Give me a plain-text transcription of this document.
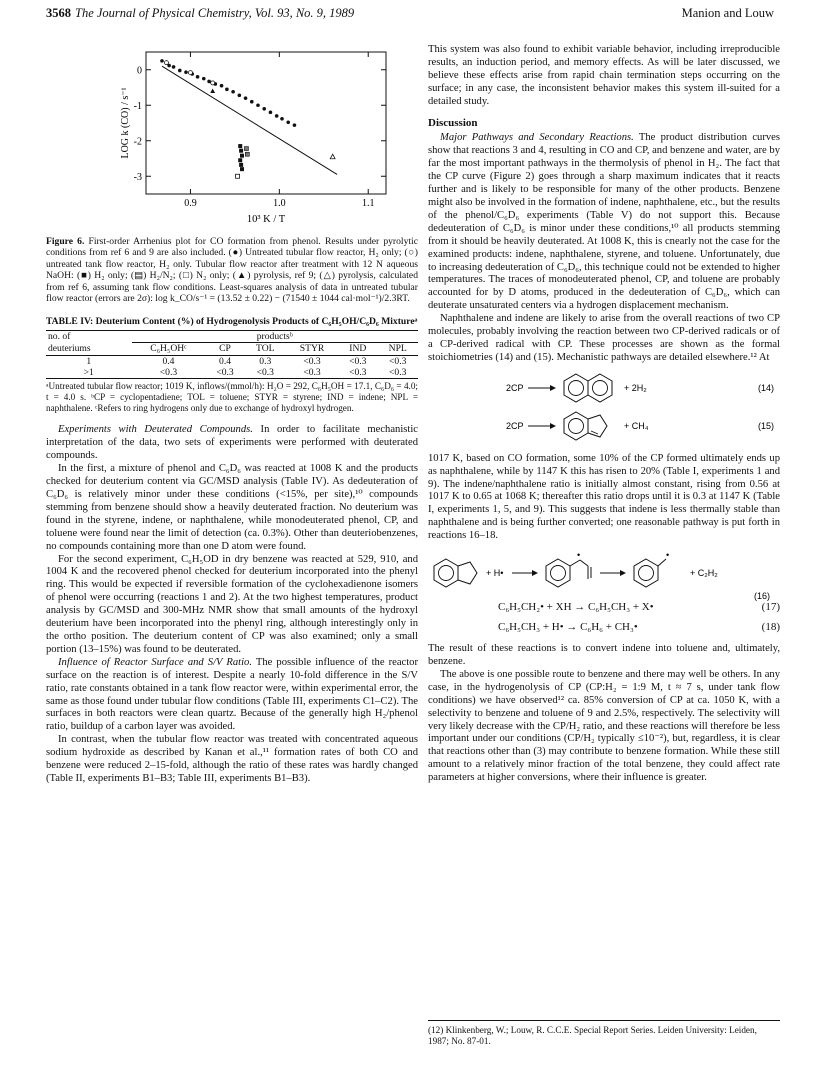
3568 The Journal of Physical Chemistry, Vol. 93, No. 9, 1989	Manion and Louw
0.9	1.0	1.1
0
-1
-2
-3
10³ K / T
LOG k (CO) / s⁻¹
Figure 6. First-order Arrhenius plot for CO formation from phenol. Results under pyrolytic conditions from ref 6 and 9 are also included. (●) Untreated tubular flow reactor, H₂ only; (○) untreated tank flow reactor, H₂ only. Tubular flow reactor after treatment with 12 N aqueous NaOH: (■) H₂ only; (▤) H₂/N₂; (□) N₂ only; (▲) pyrolysis, ref 9; (△) pyrolysis, calculated from ref 6, assuming tank flow conditions. Least-squares analysis of data in untreated tubular flow reactor (errors are 2σ): log k_CO/s⁻¹ = (13.52 ± 0.22) − (71540 ± 1044 cal·mol⁻¹)/2.3RT.
TABLE IV: Deuterium Content (%) of Hydrogenolysis Products of C₆H₅OH/C₆D₆ Mixtureᵃ
no. of	productsᵇ					
deuteriums	C₆H₅OHᶜ	CP	TOL	STYR	IND	NPL
1	0.4	0.4	0.3	<0.3	<0.3	<0.3
>1	<0.3	<0.3	<0.3	<0.3	<0.3	<0.3
ᵃUntreated tubular flow reactor; 1019 K, inflows/(mmol/h): H₂O = 292, C₆H₅OH = 17.1, C₆D₆ = 4.0; t = 4.0 s. ᵇCP = cyclopentadiene; TOL = toluene; STYR = styrene; IND = indene; NPL = naphthalene. ᶜRefers to ring hydrogens only due to exchange of hydroxyl hydrogen.

Experiments with Deuterated Compounds. In order to facilitate mechanistic interpretation of the data, two sets of experiments were performed with deuterated compounds.

In the first, a mixture of phenol and C₆D₆ was reacted at 1008 K and the products checked for deuterium content via GC/MSD analysis (Table IV). As dedeuteration of C₆D₆ is relatively minor under these conditions (<15%, per site),¹⁰ compounds stemming from benzene should show a heavily deuterated fraction. No deuterium was found in the styrene, indene, or naphthalene, while monodeuterated phenol, CP, and toluene were found near the limit of detection (ca. 0.3%). Other than deuteriobenzenes, no compounds containing more than one D atom were found.

For the second experiment, C₆H₅OD in dry benzene was reacted at 529, 910, and 1004 K and the recovered phenol checked for deuterium incorporated into the phenyl ring. This would be expected if reversible formation of the cyclohexadienone isomers of phenol were occurring (reactions 1 and 2). At the two highest temperatures, product analysis by GC/MSD and 300-MHz NMR show that small amounts of the hydroxyl deuterium have been incorporated into the phenyl ring, although interestingly only in the ortho position. The deuterium content of CP was also examined; only a small portion (13–15%) was found to be deuterated.

Influence of Reactor Surface and S/V Ratio. The possible influence of the reactor surface on the reaction is of interest. Despite a nearly 10-fold difference in the S/V ratio, rate constants obtained in a tank flow reactor were, within experimental error, the same as those found under tubular flow conditions (Table III, experiments C1–C2). The surfaces in both reactors were clean quartz. Because of the generally high H₂/phenol ratio, buildup of a carbon layer was avoided.

In contrast, when the tubular flow reactor was treated with concentrated aqueous sodium hydroxide as described by Kanan et al.,¹¹ formation rates of both CO and benzene were reduced 2–15-fold, although the ratio of these rates was hardly changed (Table II, experiments B1–B3; Table III, experiments B1–B3).

This system was also found to exhibit variable behavior, including irreproducible results, an induction period, and memory effects. As will be later discussed, we believe these effects arise from rapid chain termination steps occurring on the surface; in any case, the inconsistent behavior makes this system ill-suited for a detailed study.

Discussion

Major Pathways and Secondary Reactions. The product distribution curves show that reactions 3 and 4, resulting in CO and CP, and benzene and water, are by far the most important pathways in the thermolysis of phenol in H₂. The fact that the CP curve (Figure 2) goes through a sharp maximum indicates that it reacts further and is likely to be responsible for many of the other products. Benzene might also be involved in the formation of indene, naphthalene, etc., but the results of the phenol/C₆D₆ experiments (Table V) do not support this. Because dedeuteration of C₆D₆ is minor under these conditions,¹⁰ all products stemming from it should be heavily deuterated. At 1008 K, this is cnearly not the case for the examined products: indene, naphthalene, styrene, and toluene. Unfortunately, due to increasing dedeuteration of C₆D₆, this technique could not be extended to higher temperatures. The traces of monodeuterated phenol, CP, and toluene are probably accounted for by D atoms, produced in the dedeuteration of C₆D₆, which can deuterate unsaturated centers via a hydrogen displacement mechanism.

Naphthalene and indene are likely to arise from the overall reactions of two CP molecules, probably involving the reaction between two CP-derived radicals or of a CP-derived radical with CP. These processes are shown as the formal stoichiometries (14) and (15). Mechanistic pathways are detailed elsewhere.¹² At

2CP	+ 2H₂	(14)
2CP	+ CH₄	(15)

1017 K, based on CO formation, some 10% of the CP formed ultimately ends up as naphthalene, while by 1147 K this has risen to 20% (Table I, experiments 1 and 9). The indene/naphthalene ratio is initially almost constant, rising from 0.56 at 1017 K to 0.65 at 1068 K; thereafter this ratio drops until it is 0.3 at 1147 K (Table I, experiments 1, 5, and 9). This suggests that indene is less thermally stable than naphthalene and is being further converted; one reasonable pathway is put forth in reactions 16–18.

+ H•
•	•
+ C₂H₂
(16)
C₆H₅CH₂• + XH → C₆H₅CH₃ + X•	(17)
C₆H₅CH₃ + H• → C₆H₆ + CH₃•	(18)

The result of these reactions is to convert indene into toluene and, ultimately, benzene.

The above is one possible route to benzene and there may well be others. In any case, in the hydrogenolysis of CP (CP:H₂ = 1:9 M, t ≈ 7 s, under tank flow conditions) we have observed¹² ca. 85% conversion of CP at ca. 1050 K, with a selectivity to benzene and toluene of 9 and 2.5%, respectively. The selectivity will very likely decrease with the CP/H₂ ratio, and these reactions will therefore be less important under our conditions (CP/H₂ typically ≤10⁻²), but, regardless, it is clear that reactions other than (3) may contribute to benzene formation. While these still amount to a relatively minor fraction of the total benzene, they could affect rate parameters at higher conversions, where their influence is greater.

(12) Klinkenberg, W.; Louw, R. C.C.E. Special Report Series. Leiden University: Leiden, 1987; No. 87-01.
